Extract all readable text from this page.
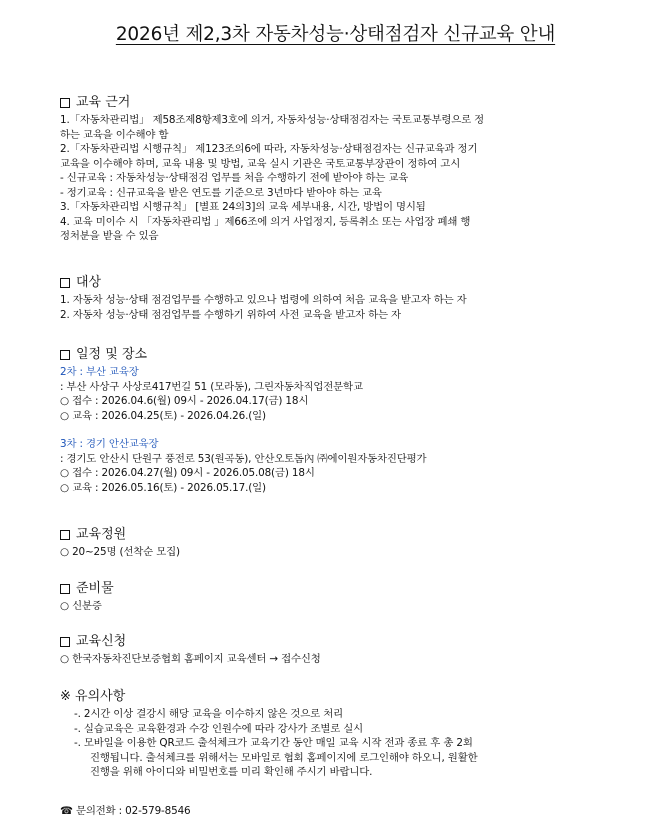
2026년 제2,3차 자동차성능·상태점검자 신규교육 안내
교육 근거
1.「자동차관리법」 제58조제8항제3호에 의거, 자동차성능·상태점검자는 국토교통부령으로 정
하는 교육을 이수해야 함
2.「자동차관리법 시행규칙」 제123조의6에 따라, 자동차성능·상태점검자는 신규교육과 정기
교육을 이수해야 하며, 교육 내용 및 방법, 교육 실시 기관은 국토교통부장관이 정하여 고시
- 신규교육 : 자동차성능·상태점검 업무를 처음 수행하기 전에 받아야 하는 교육
- 정기교육 : 신규교육을 받은 연도를 기준으로 3년마다 받아야 하는 교육
3.「자동차관리법 시행규칙」 [별표 24의3]의 교육 세부내용, 시간, 방법이 명시됨
4. 교육 미이수 시 「자동차관리법 」제66조에 의거 사업정지, 등록취소 또는 사업장 폐쇄 행
정처분을 받을 수 있음
대상
1. 자동차 성능·상태 점검업무를 수행하고 있으나 법령에 의하여 처음 교육을 받고자 하는 자
2. 자동차 성능·상태 점검업무를 수행하기 위하여 사전 교육을 받고자 하는 자
일정 및 장소
2차 : 부산 교육장
: 부산 사상구 사상로417번길 51 (모라동), 그린자동차직업전문학교
○ 접수 : 2026.04.6(월) 09시 - 2026.04.17(금) 18시
○ 교육 : 2026.04.25(토) - 2026.04.26.(일)
3차 : 경기 안산교육장
: 경기도 안산시 단원구 풍전로 53(원곡동), 안산오토돔內 ㈜에이원자동차진단평가
○ 접수 : 2026.04.27(월) 09시 - 2026.05.08(금) 18시
○ 교육 : 2026.05.16(토) - 2026.05.17.(일)
교육정원
○ 20~25명 (선착순 모집)
준비물
○ 신분증
교육신청
○ 한국자동차진단보증협회 홈페이지 교육센터 → 접수신청
※ 유의사항
-. 2시간 이상 결강시 해당 교육을 이수하지 않은 것으로 처리
-. 실습교육은 교육환경과 수강 인원수에 따라 강사가 조별로 실시
-. 모바일을 이용한 QR코드 출석체크가 교육기간 동안 매일 교육 시작 전과 종료 후 총 2회
진행됩니다. 출석체크를 위해서는 모바일로 협회 홈페이지에 로그인해야 하오니, 원활한
진행을 위해 아이디와 비밀번호를 미리 확인해 주시기 바랍니다.
☎ 문의전화 : 02-579-8546
